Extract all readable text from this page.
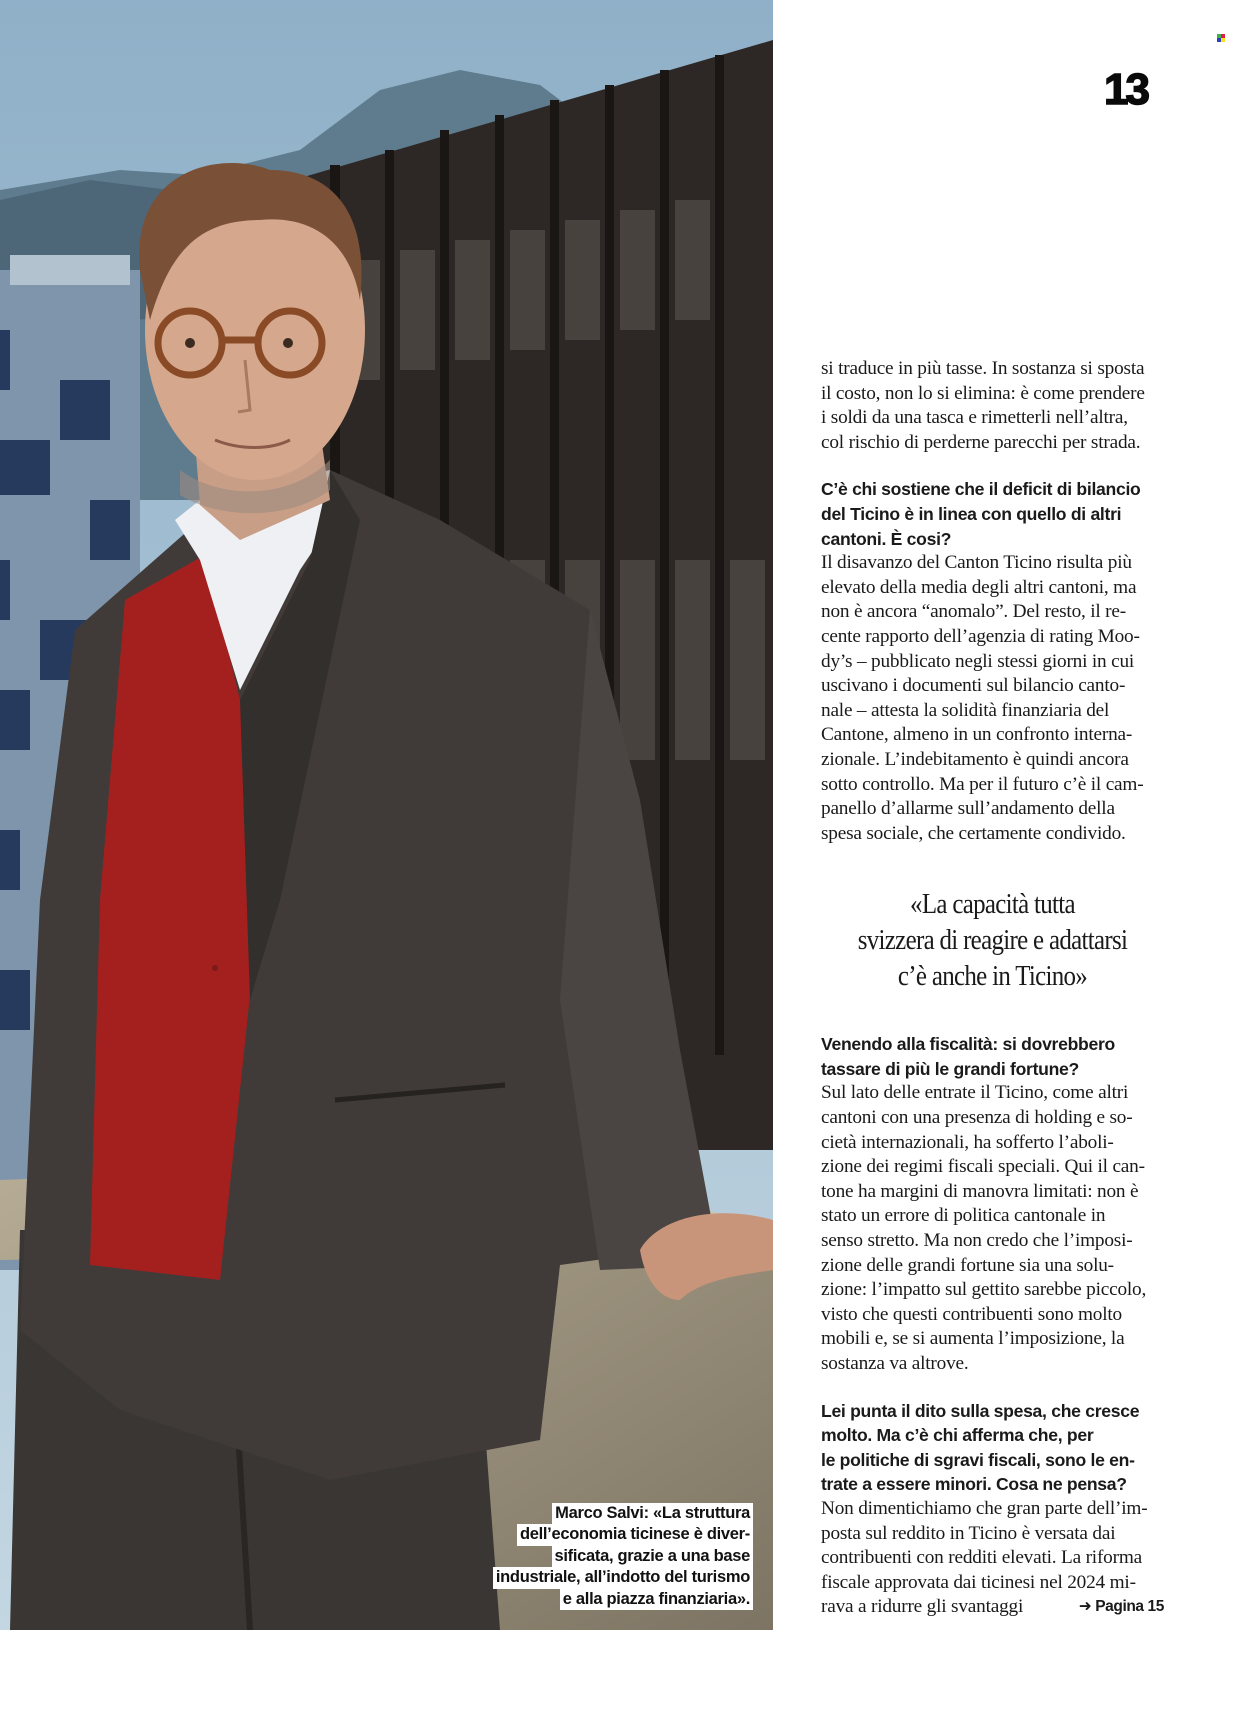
Marco Salvi: «La struttura
dell’economia ticinese è diver-
sificata, grazie a una base
industriale, all’indotto del turismo
e alla piazza finanziaria».
13

si traduce in più tasse. In sostanza si sposta
il costo, non lo si elimina: è come prendere
i soldi da una tasca e rimetterli nell’altra,
col rischio di perderne parecchi per strada.

C’è chi sostiene che il deficit di bilancio
del Ticino è in linea con quello di altri
cantoni. È cosi?

Il disavanzo del Canton Ticino risulta più
elevato della media degli altri cantoni, ma
non è ancora “anomalo”. Del resto, il re-
cente rapporto dell’agenzia di rating Moo-
dy’s – pubblicato negli stessi giorni in cui
uscivano i documenti sul bilancio canto-
nale – attesta la solidità finanziaria del
Cantone, almeno in un confronto interna-
zionale. L’indebitamento è quindi ancora
sotto controllo. Ma per il futuro c’è il cam-
panello d’allarme sull’andamento della
spesa sociale, che certamente condivido.

«La capacità tutta
svizzera di reagire e adattarsi
c’è anche in Ticino»

Venendo alla fiscalità: si dovrebbero
tassare di più le grandi fortune?

Sul lato delle entrate il Ticino, come altri
cantoni con una presenza di holding e so-
cietà internazionali, ha sofferto l’aboli-
zione dei regimi fiscali speciali. Qui il can-
tone ha margini di manovra limitati: non è
stato un errore di politica cantonale in
senso stretto. Ma non credo che l’imposi-
zione delle grandi fortune sia una solu-
zione: l’impatto sul gettito sarebbe piccolo,
visto che questi contribuenti sono molto
mobili e, se si aumenta l’imposizione, la
sostanza va altrove.

Lei punta il dito sulla spesa, che cresce
molto. Ma c’è chi afferma che, per
le politiche di sgravi fiscali, sono le en-
trate a essere minori. Cosa ne pensa?

Non dimentichiamo che gran parte dell’im-
posta sul reddito in Ticino è versata dai
contribuenti con redditi elevati. La riforma
fiscale approvata dai ticinesi nel 2024 mi-
rava a ridurre gli svantaggi	➜ Pagina 15
